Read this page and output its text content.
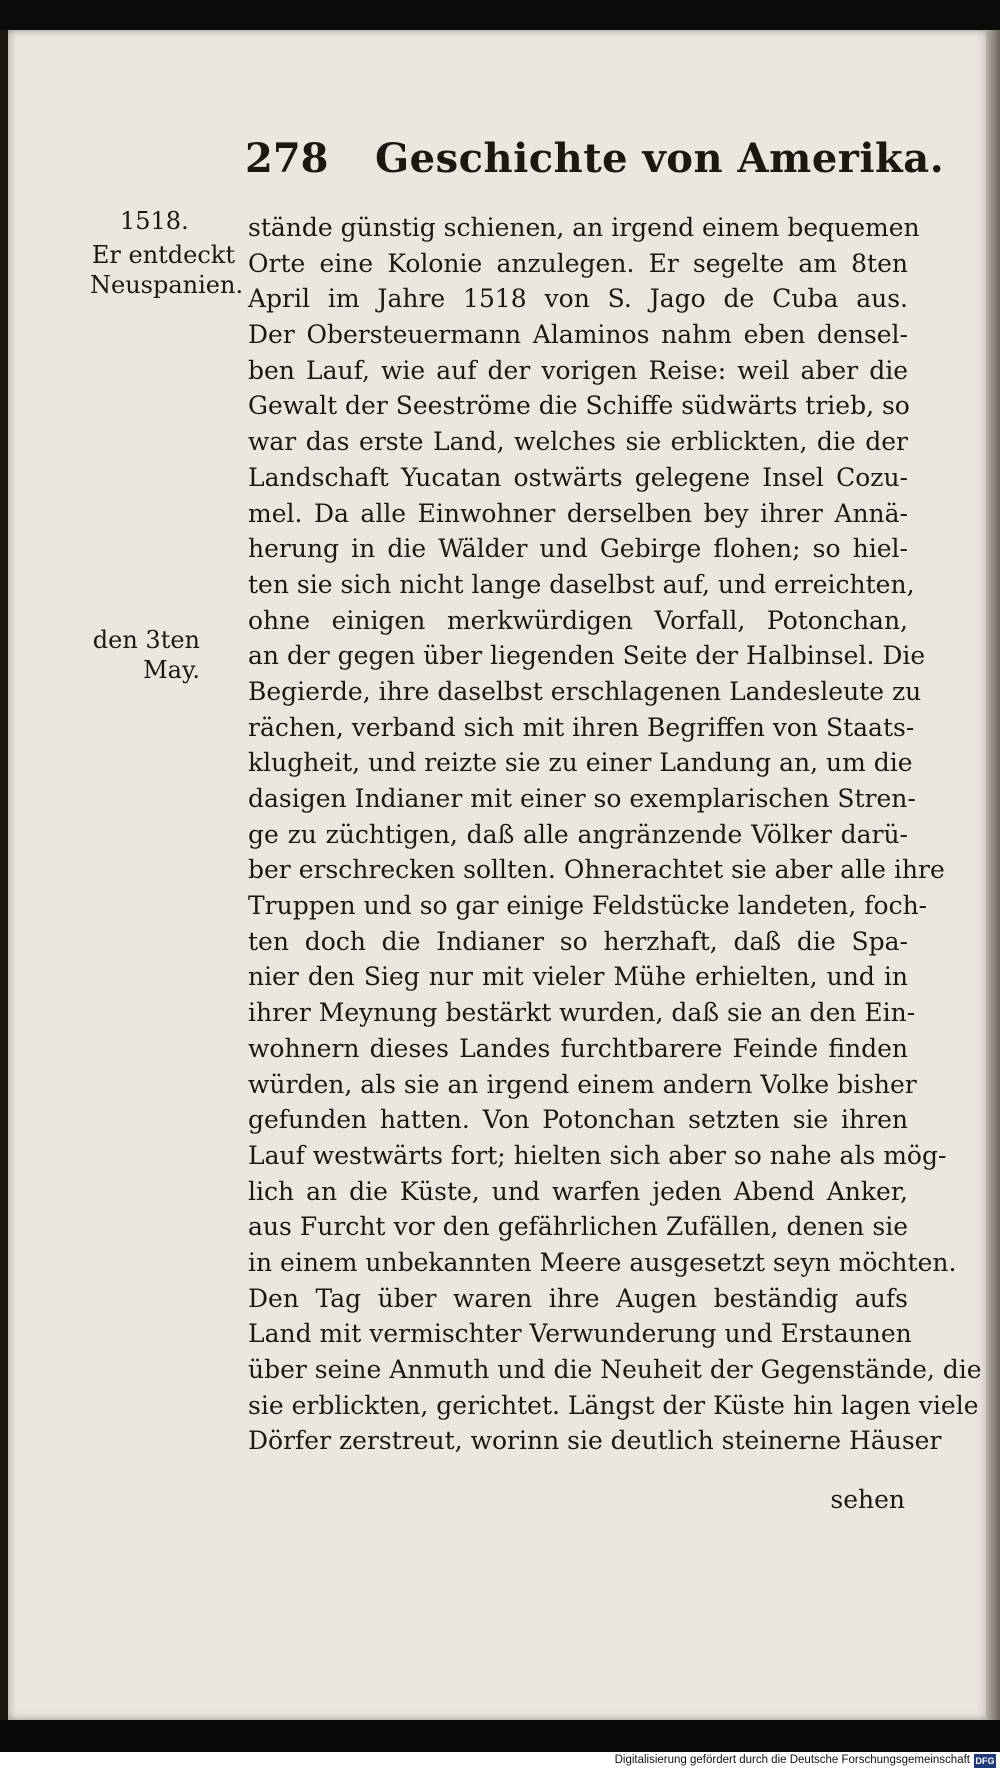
278 Geschichte von Amerika.
1518.
Er entdeckt Neuspanien.
den 3ten May.
stände günstig schienen, an irgend einem bequemen
Orte eine Kolonie anzulegen. Er segelte am 8ten
April im Jahre 1518 von S. Jago de Cuba aus.
Der Obersteuermann Alaminos nahm eben densel-
ben Lauf, wie auf der vorigen Reise: weil aber die
Gewalt der Seeströme die Schiffe südwärts trieb, so
war das erste Land, welches sie erblickten, die der
Landschaft Yucatan ostwärts gelegene Insel Cozu-
mel. Da alle Einwohner derselben bey ihrer Annä-
herung in die Wälder und Gebirge flohen; so hiel-
ten sie sich nicht lange daselbst auf, und erreichten,
ohne einigen merkwürdigen Vorfall, Potonchan,
an der gegen über liegenden Seite der Halbinsel. Die
Begierde, ihre daselbst erschlagenen Landesleute zu
rächen, verband sich mit ihren Begriffen von Staats-
klugheit, und reizte sie zu einer Landung an, um die
dasigen Indianer mit einer so exemplarischen Stren-
ge zu züchtigen, daß alle angränzende Völker darü-
ber erschrecken sollten. Ohnerachtet sie aber alle ihre
Truppen und so gar einige Feldstücke landeten, foch-
ten doch die Indianer so herzhaft, daß die Spa-
nier den Sieg nur mit vieler Mühe erhielten, und in
ihrer Meynung bestärkt wurden, daß sie an den Ein-
wohnern dieses Landes furchtbarere Feinde finden
würden, als sie an irgend einem andern Volke bisher
gefunden hatten. Von Potonchan setzten sie ihren
Lauf westwärts fort; hielten sich aber so nahe als mög-
lich an die Küste, und warfen jeden Abend Anker,
aus Furcht vor den gefährlichen Zufällen, denen sie
in einem unbekannten Meere ausgesetzt seyn möchten.
Den Tag über waren ihre Augen beständig aufs
Land mit vermischter Verwunderung und Erstaunen
über seine Anmuth und die Neuheit der Gegenstände, die
sie erblickten, gerichtet. Längst der Küste hin lagen viele
Dörfer zerstreut, worinn sie deutlich steinerne Häuser
sehen
Digitalisierung gefördert durch die Deutsche Forschungsgemeinschaft DFG
